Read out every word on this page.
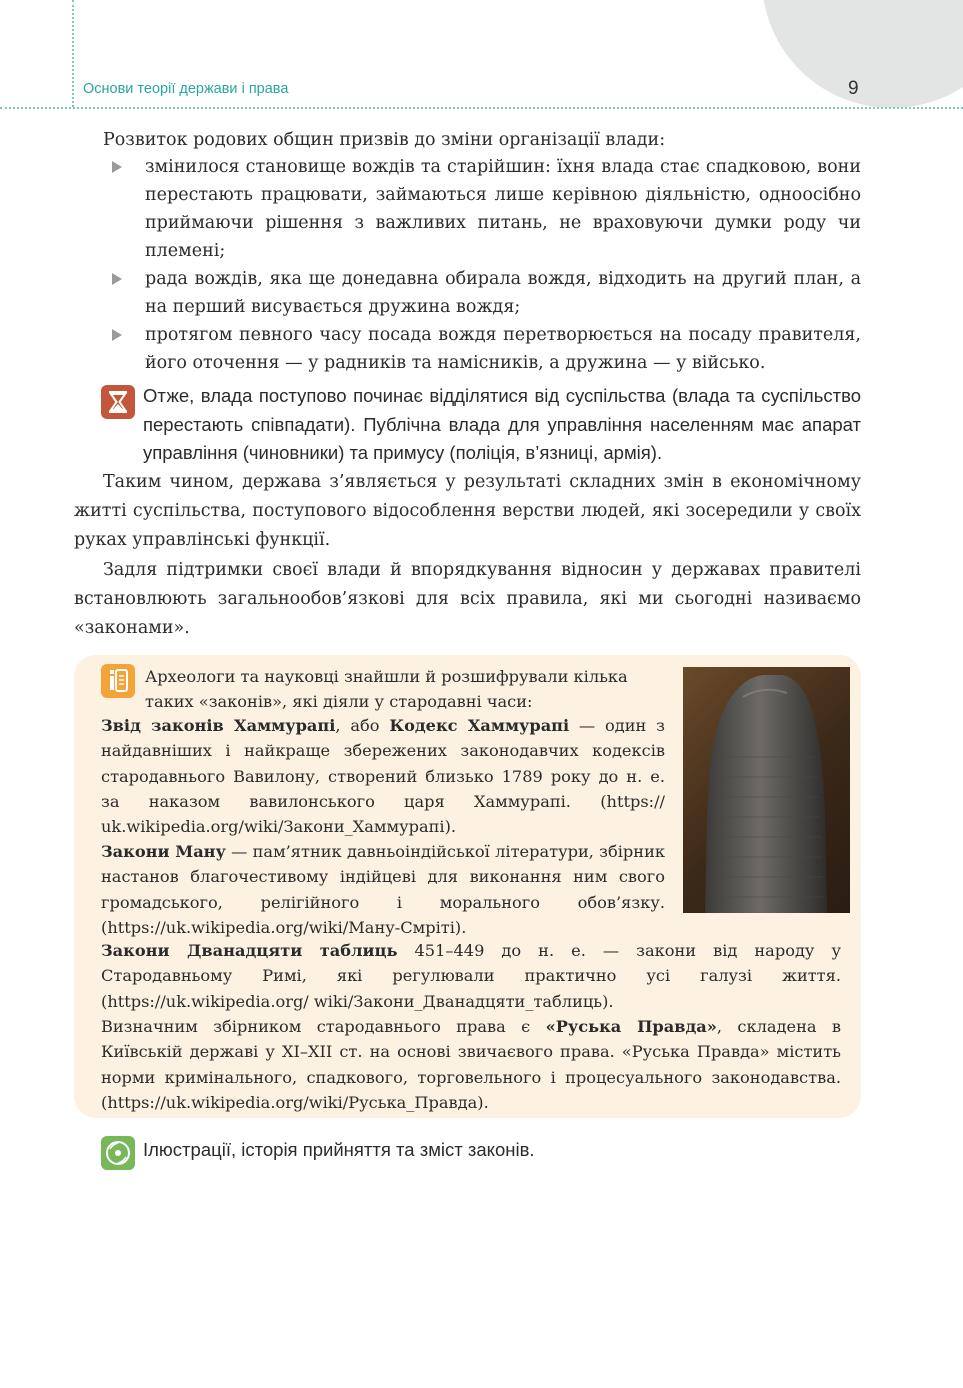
Основи теорії держави і права	9
Розвиток родових общин призвів до зміни організації влади:
змінилося становище вождів та старійшин: їхня влада стає спадковою, вони перестають працювати, займаються лише керівною діяльністю, одноосібно приймаючи рішення з важливих питань, не враховуючи думки роду чи племені;
рада вождів, яка ще донедавна обирала вождя, відходить на другий план, а на перший висувається дружина вождя;
протягом певного часу посада вождя перетворюється на посаду правителя, його оточення — у радників та намісників, а дружина — у військо.
Отже, влада поступово починає відділятися від суспільства (влада та суспільство перестають співпадати). Публічна влада для управління населенням має апарат управління (чиновники) та примусу (поліція, в’язниці, армія).
Таким чином, держава з’являється у результаті складних змін в економічному житті суспільства, поступового відособлення верстви людей, які зосередили у своїх руках управлінські функції.
Задля підтримки своєї влади й впорядкування відносин у державах правителі встановлюють загальнообов’язкові для всіх правила, які ми сьогодні називаємо «законами».
Археологи та науковці знайшли й розшифрували кілька таких «законів», які діяли у стародавні часи:
Звід законів Хаммурапі, або Кодекс Хаммурапі — один з найдавніших і найкраще збережених законодавчих кодексів стародавнього Вавилону, створений близько 1789 року до н. е. за наказом вавилонського царя Хаммурапі. (https:// uk.wikipedia.org/wiki/Закони_Хаммурапі).
Закони Ману — пам’ятник давньоіндійської літератури, збірник настанов благочестивому індійцеві для виконання ним свого громадського, релігійного і морального обов’язку. (https://uk.wikipedia.org/wiki/Ману-Смріті).
Закони Дванадцяти таблиць 451–449 до н. е. — закони від народу у Стародавньому Римі, які регулювали практично усі галузі життя. (https://uk.wikipedia.org/ wiki/Закони_Дванадцяти_таблиць).
Визначним збірником стародавнього права є «Руська Правда», складена в Київській державі у XI–XII ст. на основі звичаєвого права. «Руська Правда» містить норми кримінального, спадкового, торговельного і процесуального законодавства. (https://uk.wikipedia.org/wiki/Руська_Правда).
Ілюстрації, історія прийняття та зміст законів.
